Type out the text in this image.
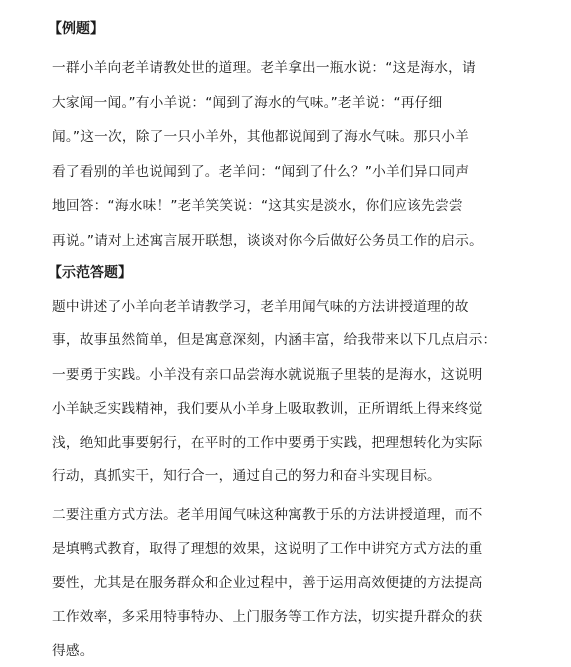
【例题】
一群小羊向老羊请教处世的道理。老羊拿出一瓶水说：“这是海水，请
大家闻一闻。”有小羊说：“闻到了海水的气味。”老羊说：“再仔细
闻。”这一次，除了一只小羊外，其他都说闻到了海水气味。那只小羊
看了看别的羊也说闻到了。老羊问：“闻到了什么？”小羊们异口同声
地回答：“海水味！”老羊笑笑说：“这其实是淡水，你们应该先尝尝
再说。”请对上述寓言展开联想，谈谈对你今后做好公务员工作的启示。
【示范答题】
题中讲述了小羊向老羊请教学习，老羊用闻气味的方法讲授道理的故
事，故事虽然简单，但是寓意深刻，内涵丰富，给我带来以下几点启示：
一要勇于实践。小羊没有亲口品尝海水就说瓶子里装的是海水，这说明
小羊缺乏实践精神，我们要从小羊身上吸取教训，正所谓纸上得来终觉
浅，绝知此事要躬行，在平时的工作中要勇于实践，把理想转化为实际
行动，真抓实干，知行合一，通过自己的努力和奋斗实现目标。
二要注重方式方法。老羊用闻气味这种寓教于乐的方法讲授道理，而不
是填鸭式教育，取得了理想的效果，这说明了工作中讲究方式方法的重
要性，尤其是在服务群众和企业过程中，善于运用高效便捷的方法提高
工作效率，多采用特事特办、上门服务等工作方法，切实提升群众的获
得感。
